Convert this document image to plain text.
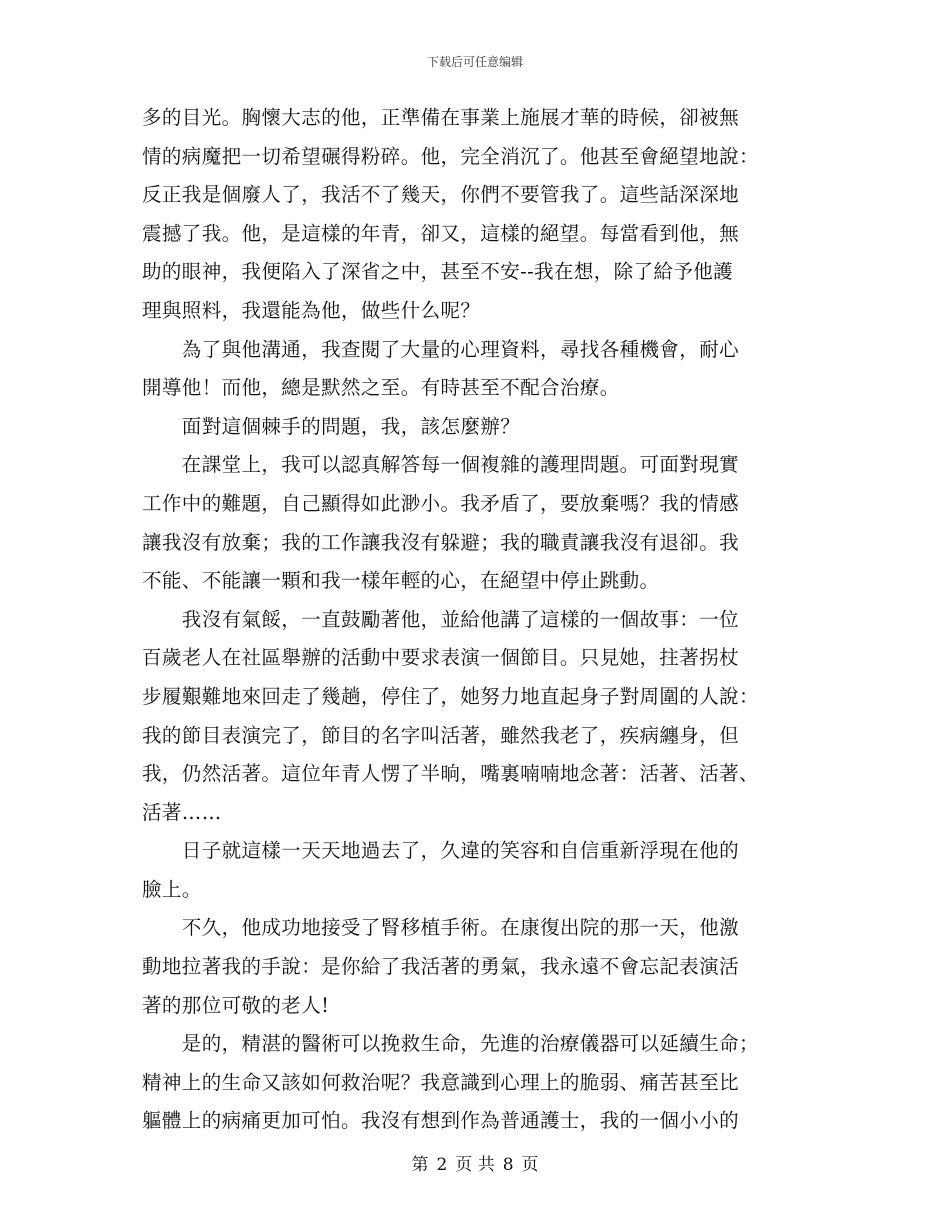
下载后可任意编辑
多的目光。胸懷大志的他，正準備在事業上施展才華的時候，卻被無
情的病魔把一切希望碾得粉碎。他，完全消沉了。他甚至會絕望地說：
反正我是個廢人了，我活不了幾天，你們不要管我了。這些話深深地
震撼了我。他，是這樣的年青，卻又，這樣的絕望。每當看到他，無
助的眼神，我便陷入了深省之中，甚至不安--我在想，除了給予他護
理與照料，我還能為他，做些什么呢？
　　為了與他溝通，我查閱了大量的心理資料，尋找各種機會，耐心
開導他！而他，總是默然之至。有時甚至不配合治療。
　　面對這個棘手的問題，我，該怎麼辦？
　　在課堂上，我可以認真解答每一個複雜的護理問題。可面對現實
工作中的難題，自己顯得如此渺小。我矛盾了，要放棄嗎？我的情感
讓我沒有放棄；我的工作讓我沒有躲避；我的職責讓我沒有退卻。我
不能、不能讓一顆和我一樣年輕的心，在絕望中停止跳動。
　　我沒有氣餒，一直鼓勵著他，並給他講了這樣的一個故事：一位
百歲老人在社區舉辦的活動中要求表演一個節目。只見她，拄著拐杖
步履艱難地來回走了幾趟，停住了，她努力地直起身子對周圍的人說：
我的節目表演完了，節目的名字叫活著，雖然我老了，疾病纏身，但
我，仍然活著。這位年青人愣了半晌，嘴裏喃喃地念著：活著、活著、
活著……
　　日子就這樣一天天地過去了，久違的笑容和自信重新浮現在他的
臉上。
　　不久，他成功地接受了腎移植手術。在康復出院的那一天，他激
動地拉著我的手說：是你給了我活著的勇氣，我永遠不會忘記表演活
著的那位可敬的老人!
　　是的，精湛的醫術可以挽救生命，先進的治療儀器可以延續生命；
精神上的生命又該如何救治呢？我意識到心理上的脆弱、痛苦甚至比
軀體上的病痛更加可怕。我沒有想到作為普通護士，我的一個小小的
第 2 页 共 8 页
